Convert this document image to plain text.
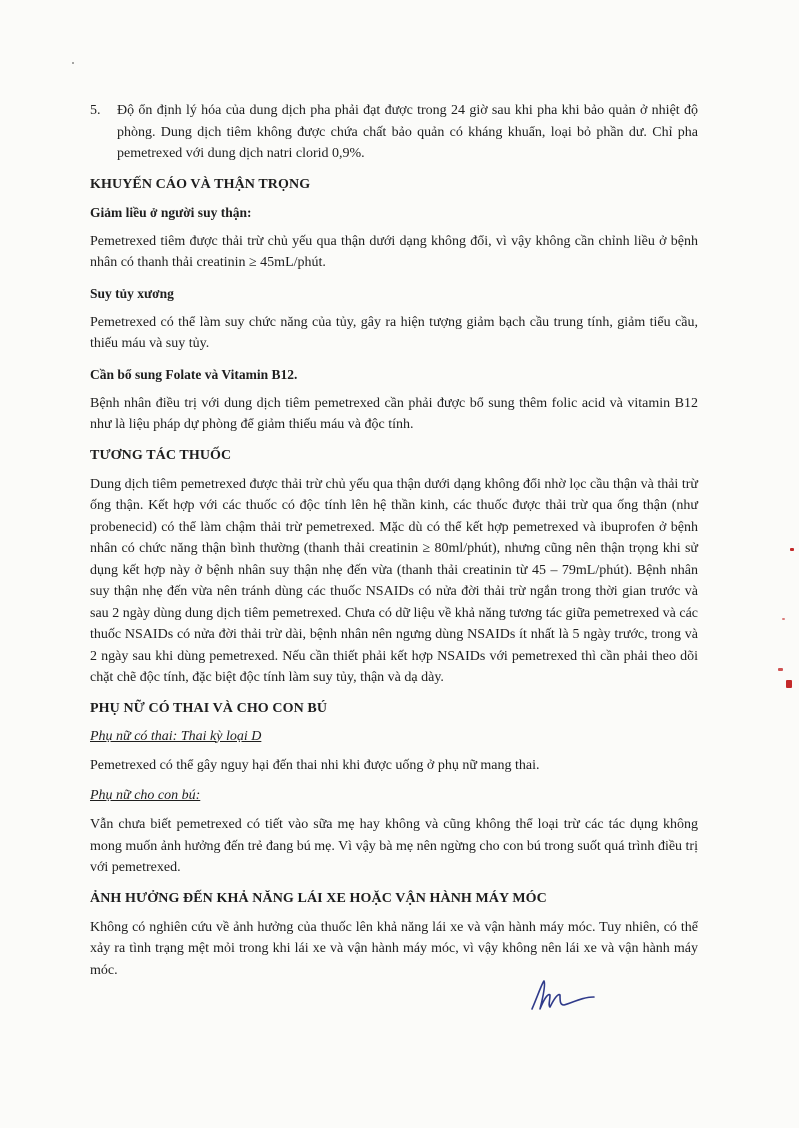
5.	Độ ổn định lý hóa của dung dịch pha phải đạt được trong 24 giờ sau khi pha khi bảo quản ở nhiệt độ phòng. Dung dịch tiêm không được chứa chất bảo quản có kháng khuẩn, loại bỏ phần dư. Chỉ pha pemetrexed với dung dịch natri clorid 0,9%.

KHUYẾN CÁO VÀ THẬN TRỌNG
Giảm liều ở người suy thận:

Pemetrexed tiêm được thải trừ chủ yếu qua thận dưới dạng không đổi, vì vậy không cần chỉnh liều ở bệnh nhân có thanh thải creatinin ≥ 45mL/phút.

Suy tủy xương

Pemetrexed có thể làm suy chức năng của tủy, gây ra hiện tượng giảm bạch cầu trung tính, giảm tiểu cầu, thiếu máu và suy tủy.

Cần bổ sung Folate và Vitamin B12.

Bệnh nhân điều trị với dung dịch tiêm pemetrexed cần phải được bổ sung thêm folic acid và vitamin B12 như là liệu pháp dự phòng để giảm thiếu máu và độc tính.

TƯƠNG TÁC THUỐC

Dung dịch tiêm pemetrexed được thải trừ chủ yếu qua thận dưới dạng không đổi nhờ lọc cầu thận và thải trừ ống thận. Kết hợp với các thuốc có độc tính lên hệ thần kinh, các thuốc được thải trừ qua ống thận (như probenecid) có thể làm chậm thải trừ pemetrexed. Mặc dù có thể kết hợp pemetrexed và ibuprofen ở bệnh nhân có chức năng thận bình thường (thanh thải creatinin ≥ 80ml/phút), nhưng cũng nên thận trọng khi sử dụng kết hợp này ở bệnh nhân suy thận nhẹ đến vừa (thanh thải creatinin từ 45 – 79mL/phút). Bệnh nhân suy thận nhẹ đến vừa nên tránh dùng các thuốc NSAIDs có nửa đời thải trừ ngắn trong thời gian trước và sau 2 ngày dùng dung dịch tiêm pemetrexed. Chưa có dữ liệu về khả năng tương tác giữa pemetrexed và các thuốc NSAIDs có nửa đời thải trừ dài, bệnh nhân nên ngưng dùng NSAIDs ít nhất là 5 ngày trước, trong và 2 ngày sau khi dùng pemetrexed. Nếu cần thiết phải kết hợp NSAIDs với pemetrexed thì cần phải theo dõi chặt chẽ độc tính, đặc biệt độc tính làm suy tủy, thận và dạ dày.

PHỤ NỮ CÓ THAI VÀ CHO CON BÚ
Phụ nữ có thai: Thai kỳ loại D

Pemetrexed có thể gây nguy hại đến thai nhi khi được uống ở phụ nữ mang thai.

Phụ nữ cho con bú:

Vẫn chưa biết pemetrexed có tiết vào sữa mẹ hay không và cũng không thể loại trừ các tác dụng không mong muốn ảnh hưởng đến trẻ đang bú mẹ. Vì vậy bà mẹ nên ngừng cho con bú trong suốt quá trình điều trị với pemetrexed.

ẢNH HƯỞNG ĐẾN KHẢ NĂNG LÁI XE HOẶC VẬN HÀNH MÁY MÓC

Không có nghiên cứu về ảnh hưởng của thuốc lên khả năng lái xe và vận hành máy móc. Tuy nhiên, có thể xảy ra tình trạng mệt mỏi trong khi lái xe và vận hành máy móc, vì vậy không nên lái xe và vận hành máy móc.
